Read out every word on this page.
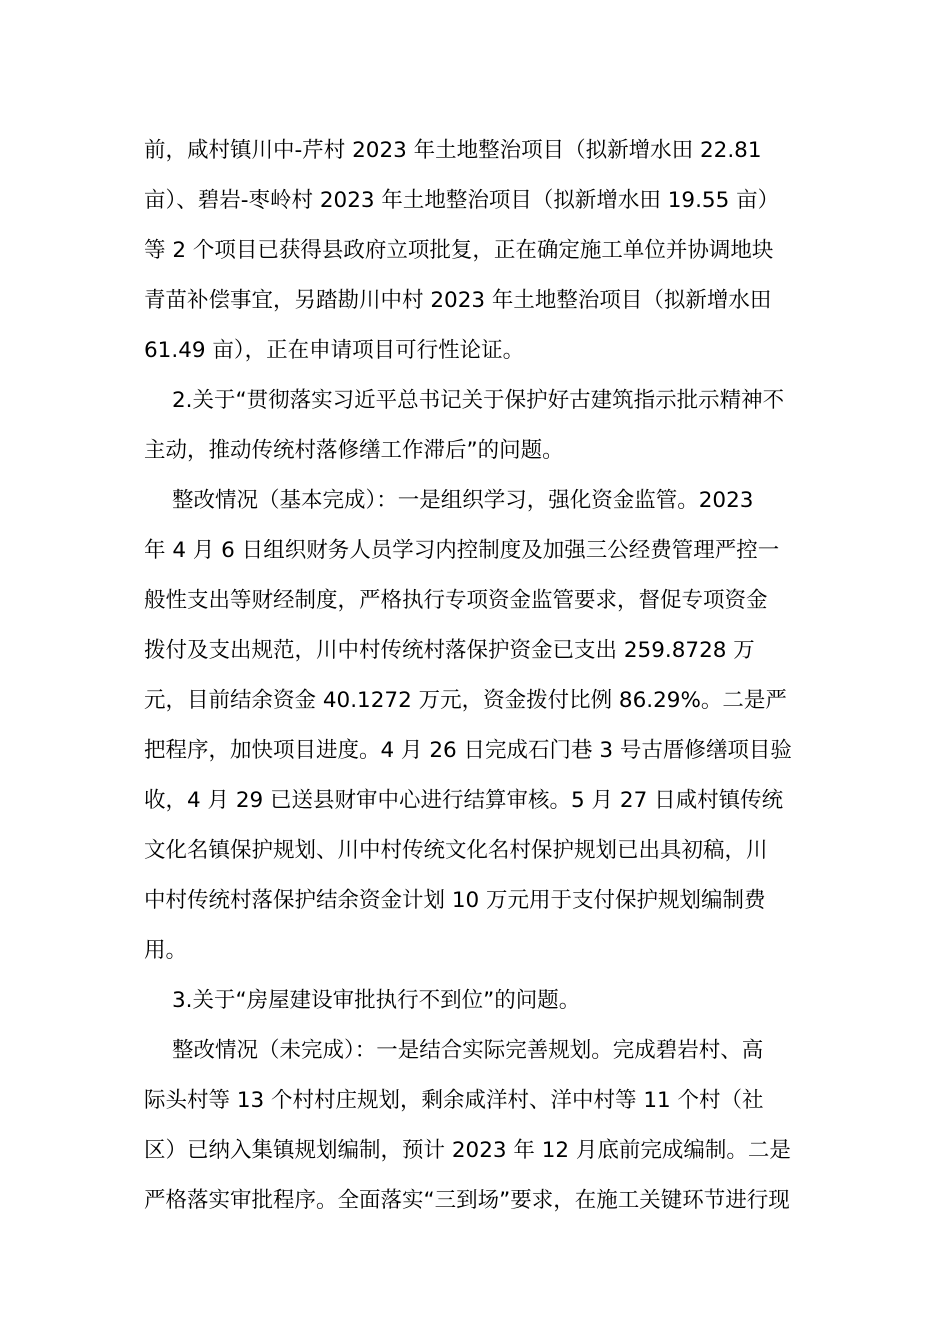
前，咸村镇川中-芹村 2023 年土地整治项目（拟新增水田 22.81
亩）、碧岩-枣岭村 2023 年土地整治项目（拟新增水田 19.55 亩）
等 2 个项目已获得县政府立项批复，正在确定施工单位并协调地块
青苗补偿事宜，另踏勘川中村 2023 年土地整治项目（拟新增水田
61.49 亩），正在申请项目可行性论证。
2.关于“贯彻落实习近平总书记关于保护好古建筑指示批示精神不
主动，推动传统村落修缮工作滞后”的问题。
整改情况（基本完成）：一是组织学习，强化资金监管。2023
年 4 月 6 日组织财务人员学习内控制度及加强三公经费管理严控一
般性支出等财经制度，严格执行专项资金监管要求，督促专项资金
拨付及支出规范，川中村传统村落保护资金已支出 259.8728 万
元，目前结余资金 40.1272 万元，资金拨付比例 86.29%。二是严
把程序，加快项目进度。4 月 26 日完成石门巷 3 号古厝修缮项目验
收，4 月 29 已送县财审中心进行结算审核。5 月 27 日咸村镇传统
文化名镇保护规划、川中村传统文化名村保护规划已出具初稿，川
中村传统村落保护结余资金计划 10 万元用于支付保护规划编制费
用。
3.关于“房屋建设审批执行不到位”的问题。
整改情况（未完成）：一是结合实际完善规划。完成碧岩村、高
际头村等 13 个村村庄规划，剩余咸洋村、洋中村等 11 个村（社
区）已纳入集镇规划编制，预计 2023 年 12 月底前完成编制。二是
严格落实审批程序。全面落实“三到场”要求，在施工关键环节进行现
